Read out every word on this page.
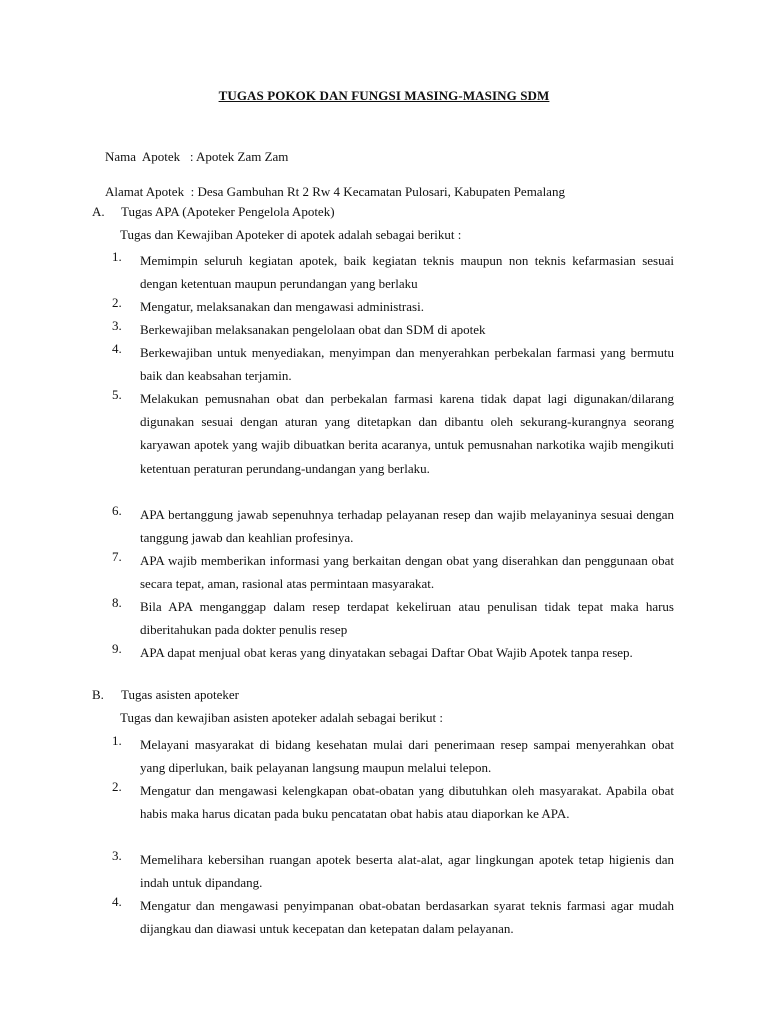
TUGAS POKOK DAN FUNGSI MASING-MASING SDM

Nama  Apotek   : Apotek Zam Zam

Alamat Apotek  : Desa Gambuhan Rt 2 Rw 4 Kecamatan Pulosari, Kabupaten Pemalang

A. Tugas APA (Apoteker Pengelola Apotek)
Tugas dan Kewajiban Apoteker di apotek adalah sebagai berikut :
1. Memimpin seluruh kegiatan apotek, baik kegiatan teknis maupun non teknis kefarmasian sesuai dengan ketentuan maupun perundangan yang berlaku
2. Mengatur, melaksanakan dan mengawasi administrasi.
3. Berkewajiban melaksanakan pengelolaan obat dan SDM di apotek
4. Berkewajiban untuk menyediakan, menyimpan dan menyerahkan perbekalan farmasi yang bermutu baik dan keabsahan terjamin.
5. Melakukan pemusnahan obat dan perbekalan farmasi karena tidak dapat lagi digunakan/dilarang digunakan sesuai dengan aturan yang ditetapkan dan dibantu oleh sekurang-kurangnya seorang karyawan apotek yang wajib dibuatkan berita acaranya, untuk pemusnahan narkotika wajib mengikuti ketentuan peraturan perundang-undangan yang berlaku.
6. APA bertanggung jawab sepenuhnya terhadap pelayanan resep dan wajib melayaninya sesuai dengan tanggung jawab dan keahlian profesinya.
7. APA wajib memberikan informasi yang berkaitan dengan obat yang diserahkan dan penggunaan obat secara tepat, aman, rasional atas permintaan masyarakat.
8. Bila APA menganggap dalam resep terdapat kekeliruan atau penulisan tidak tepat maka harus diberitahukan pada dokter penulis resep
9. APA dapat menjual obat keras yang dinyatakan sebagai Daftar Obat Wajib Apotek tanpa resep.
B. Tugas asisten apoteker
Tugas dan kewajiban asisten apoteker adalah sebagai berikut :
1. Melayani masyarakat di bidang kesehatan mulai dari penerimaan resep sampai menyerahkan obat yang diperlukan, baik pelayanan langsung maupun melalui telepon.
2. Mengatur dan mengawasi kelengkapan obat-obatan yang dibutuhkan oleh masyarakat. Apabila obat habis maka harus dicatan pada buku pencatatan obat habis atau diaporkan ke APA.
3. Memelihara kebersihan ruangan apotek beserta alat-alat, agar lingkungan apotek tetap higienis dan indah untuk dipandang.
4. Mengatur dan mengawasi penyimpanan obat-obatan berdasarkan syarat teknis farmasi agar mudah dijangkau dan diawasi untuk kecepatan dan ketepatan dalam pelayanan.
